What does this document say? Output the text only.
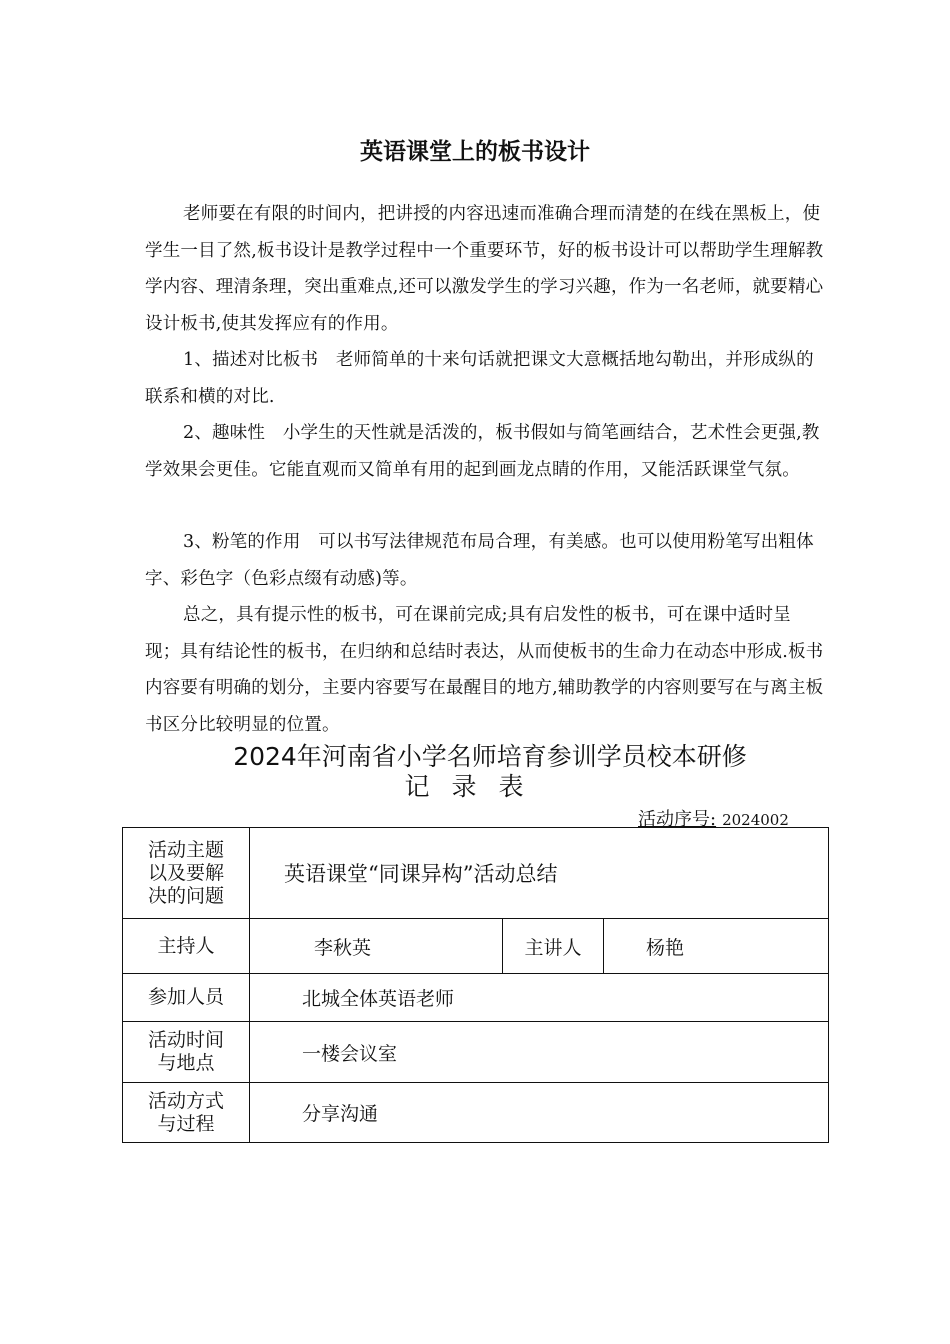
英语课堂上的板书设计
老师要在有限的时间内，把讲授的内容迅速而准确合理而清楚的在线在黑板上，使学生一目了然,板书设计是教学过程中一个重要环节，好的板书设计可以帮助学生理解教学内容、理清条理，突出重难点,还可以激发学生的学习兴趣，作为一名老师，就要精心设计板书,使其发挥应有的作用。
1、描述对比板书　老师简单的十来句话就把课文大意概括地勾勒出，并形成纵的联系和横的对比.
2、趣味性　小学生的天性就是活泼的，板书假如与简笔画结合，艺术性会更强,教学效果会更佳。它能直观而又简单有用的起到画龙点睛的作用，又能活跃课堂气氛。
3、粉笔的作用　可以书写法律规范布局合理，有美感。也可以使用粉笔写出粗体字、彩色字（色彩点缀有动感)等。
总之，具有提示性的板书，可在课前完成;具有启发性的板书，可在课中适时呈现；具有结论性的板书，在归纳和总结时表达，从而使板书的生命力在动态中形成.板书内容要有明确的划分，主要内容要写在最醒目的地方,辅助教学的内容则要写在与离主板书区分比较明显的位置。
2024年河南省小学名师培育参训学员校本研修
记录表
活动序号: 2024002
活动主题以及要解决的问题	英语课堂“同课异构”活动总结		
主持人	李秋英	主讲人	杨艳
参加人员	北城全体英语老师		

活动时间与地点	一楼会议室		

活动方式与过程	分享沟通		
